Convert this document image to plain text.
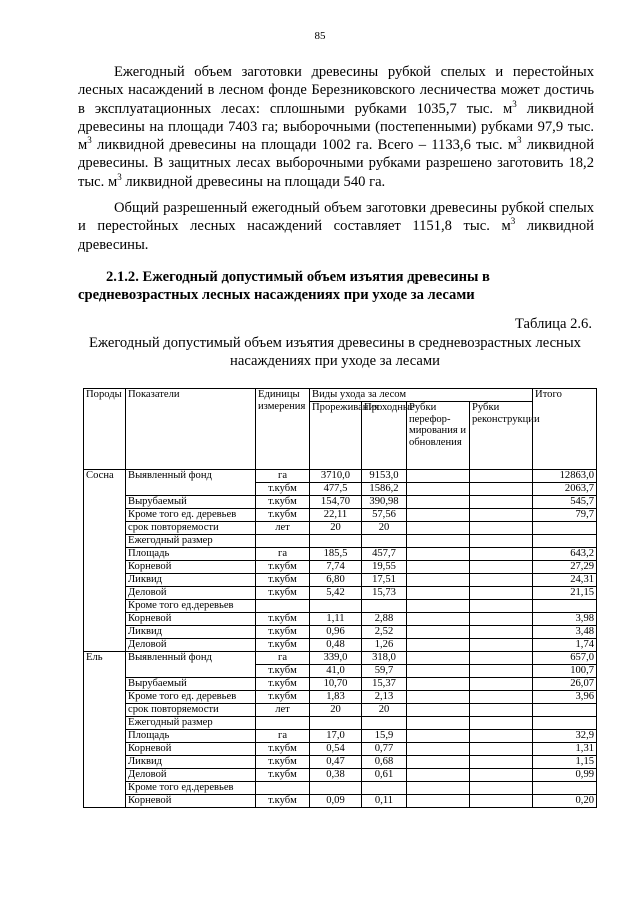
85

Ежегодный объем заготовки древесины рубкой спелых и перестойных лесных насаждений в лесном фонде Березниковского лесничества может достичь в эксплуатационных лесах: сплошными рубками 1035,7 тыс. $м^3$ ликвидной древесины на площади 7403 га; выборочными (постепенными) рубками 97,9 тыс. $м^3$ ликвидной древесины на площади 1002 га. Всего – 1133,6 тыс. $м^3$ ликвидной древесины. В защитных лесах выборочными рубками разрешено заготовить 18,2 тыс. $м^3$ ликвидной древесины на площади 540 га.

Общий разрешенный ежегодный объем заготовки древесины рубкой спелых и перестойных лесных насаждений составляет 1151,8 тыс. $м^3$ ликвидной древесины.

2.1.2. Ежегодный допустимый объем изъятия древесины в средневозрастных лесных насаждениях при уходе за лесами

Таблица 2.6.
Ежегодный допустимый объем изъятия древесины в средневозрастных лесных насаждениях при уходе за лесами
Породы	Показатели	Единицы измерения	Виды ухода за лесом				Итого
			Прореживания	Проходные	Рубки перефор-мирования и обновления	Рубки реконструкции	
Сосна	Выявленный фонд	га	3710,0	9153,0			12863,0
		т.кубм	477,5	1586,2			2063,7
	Вырубаемый	т.кубм	154,70	390,98			545,7
	Кроме того ед. деревьев	т.кубм	22,11	57,56			79,7
	срок повторяемости	лет	20	20			
	Ежегодный размер						
	Площадь	га	185,5	457,7			643,2
	Корневой	т.кубм	7,74	19,55			27,29
	Ликвид	т.кубм	6,80	17,51			24,31
	Деловой	т.кубм	5,42	15,73			21,15
	Кроме того ед.деревьев						
	Корневой	т.кубм	1,11	2,88			3,98
	Ликвид	т.кубм	0,96	2,52			3,48
	Деловой	т.кубм	0,48	1,26			1,74
Ель	Выявленный фонд	га	339,0	318,0			657,0
		т.кубм	41,0	59,7			100,7
	Вырубаемый	т.кубм	10,70	15,37			26,07
	Кроме того ед. деревьев	т.кубм	1,83	2,13			3,96
	срок повторяемости	лет	20	20			
	Ежегодный размер						
	Площадь	га	17,0	15,9			32,9
	Корневой	т.кубм	0,54	0,77			1,31
	Ликвид	т.кубм	0,47	0,68			1,15
	Деловой	т.кубм	0,38	0,61			0,99
	Кроме того ед.деревьев						
	Корневой	т.кубм	0,09	0,11			0,20
